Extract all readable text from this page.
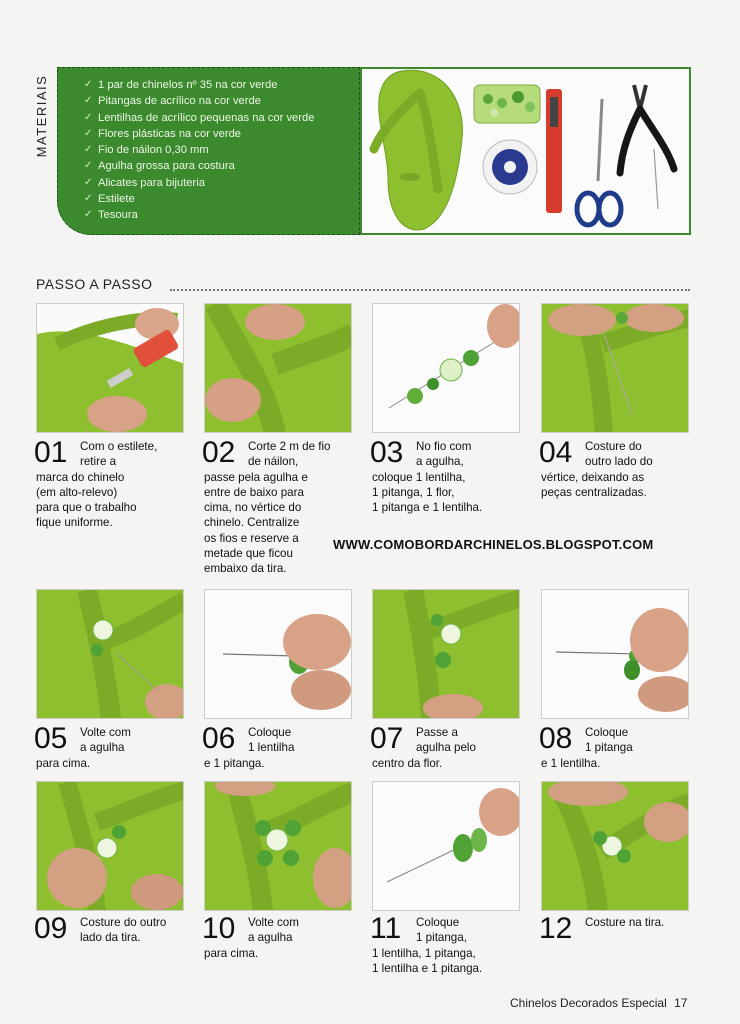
MATERIAIS	✓ 1 par de chinelos nº 35 na cor verde
✓ Pitangas de acrílico na cor verde
✓ Lentilhas de acrílico pequenas na cor verde
✓ Flores plásticas na cor verde
✓ Fio de náilon 0,30 mm
✓ Agulha grossa para costura
✓ Alicates para bijuteria
✓ Estilete
✓ Tesoura
PASSO A PASSO
01	Com o estilete,
retire a
marca do chinelo
(em alto-relevo)
para que o trabalho
fique uniforme.
02	Corte 2 m de fio
de náilon,
passe pela agulha e
entre de baixo para
cima, no vértice do
chinelo. Centralize
os fios e reserve a
metade que ficou
embaixo da tira.
03	No fio com
a agulha,
coloque 1 lentilha,
1 pitanga, 1 flor,
1 pitanga e 1 lentilha.
04	Costure do
outro lado do
vértice, deixando as
peças centralizadas.
05	Volte com
a agulha
para cima.
06	Coloque
1 lentilha
e 1 pitanga.
07	Passe a
agulha pelo
centro da flor.
08	Coloque
1 pitanga
e 1 lentilha.
09	Costure do outro
lado da tira.	10	Volte com
a agulha
para cima.
11	Coloque
1 pitanga,
1 lentilha, 1 pitanga,
1 lentilha e 1 pitanga.
12	Costure na tira.
WWW.COMOBORDARCHINELOS.BLOGSPOT.COM
Chinelos Decorados Especial 17
